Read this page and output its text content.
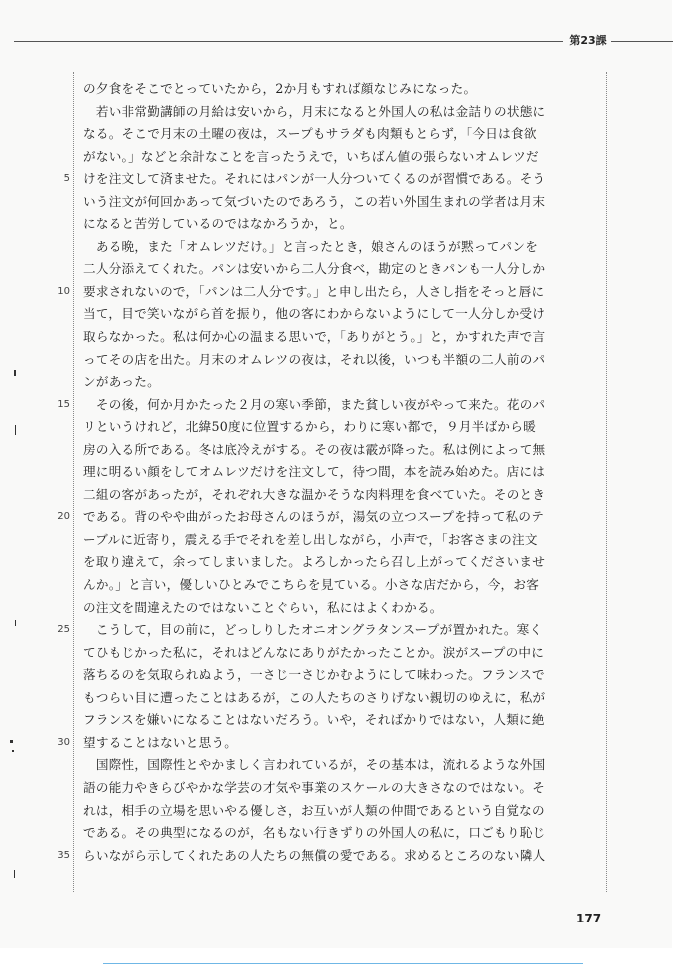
第23課
5
10
15
20
25
30
35
の夕食をそこでとっていたから，2か月もすれば顔なじみになった。
　若い非常勤講師の月給は安いから，月末になると外国人の私は金詰りの状態に
なる。そこで月末の土曜の夜は，スープもサラダも肉類もとらず，「今日は食欲
がない。」などと余計なことを言ったうえで，いちばん値の張らないオムレツだ
けを注文して済ませた。それにはパンが一人分ついてくるのが習慣である。そう
いう注文が何回かあって気づいたのであろう，この若い外国生まれの学者は月末
になると苦労しているのではなかろうか，と。
　ある晩，また「オムレツだけ。」と言ったとき，娘さんのほうが黙ってパンを
二人分添えてくれた。パンは安いから二人分食べ，勘定のときパンも一人分しか
要求されないので，「パンは二人分です。」と申し出たら，人さし指をそっと唇に
当て，目で笑いながら首を振り，他の客にわからないようにして一人分しか受け
取らなかった。私は何か心の温まる思いで，「ありがとう。」と，かすれた声で言
ってその店を出た。月末のオムレツの夜は，それ以後，いつも半額の二人前のパ
ンがあった。
　その後，何か月かたった２月の寒い季節，また貧しい夜がやって来た。花のパ
リというけれど，北緯50度に位置するから，わりに寒い都で，９月半ばから暖
房の入る所である。冬は底冷えがする。その夜は霰が降った。私は例によって無
理に明るい顔をしてオムレツだけを注文して，待つ間，本を読み始めた。店には
二組の客があったが，それぞれ大きな温かそうな肉料理を食べていた。そのとき
である。背のやや曲がったお母さんのほうが，湯気の立つスープを持って私のテ
ーブルに近寄り，震える手でそれを差し出しながら，小声で，「お客さまの注文
を取り違えて，余ってしまいました。よろしかったら召し上がってくださいませ
んか。」と言い，優しいひとみでこちらを見ている。小さな店だから，今，お客
の注文を間違えたのではないことぐらい，私にはよくわかる。
　こうして，目の前に，どっしりしたオニオングラタンスープが置かれた。寒く
てひもじかった私に，それはどんなにありがたかったことか。涙がスープの中に
落ちるのを気取られぬよう，一さじ一さじかむようにして味わった。フランスで
もつらい目に遭ったことはあるが，この人たちのさりげない親切のゆえに，私が
フランスを嫌いになることはないだろう。いや，そればかりではない，人類に絶
望することはないと思う。
　国際性，国際性とやかましく言われているが，その基本は，流れるような外国
語の能力やきらびやかな学芸の才気や事業のスケールの大きさなのではない。そ
れは，相手の立場を思いやる優しさ，お互いが人類の仲間であるという自覚なの
である。その典型になるのが，名もない行きずりの外国人の私に，口ごもり恥じ
らいながら示してくれたあの人たちの無償の愛である。求めるところのない隣人
177
